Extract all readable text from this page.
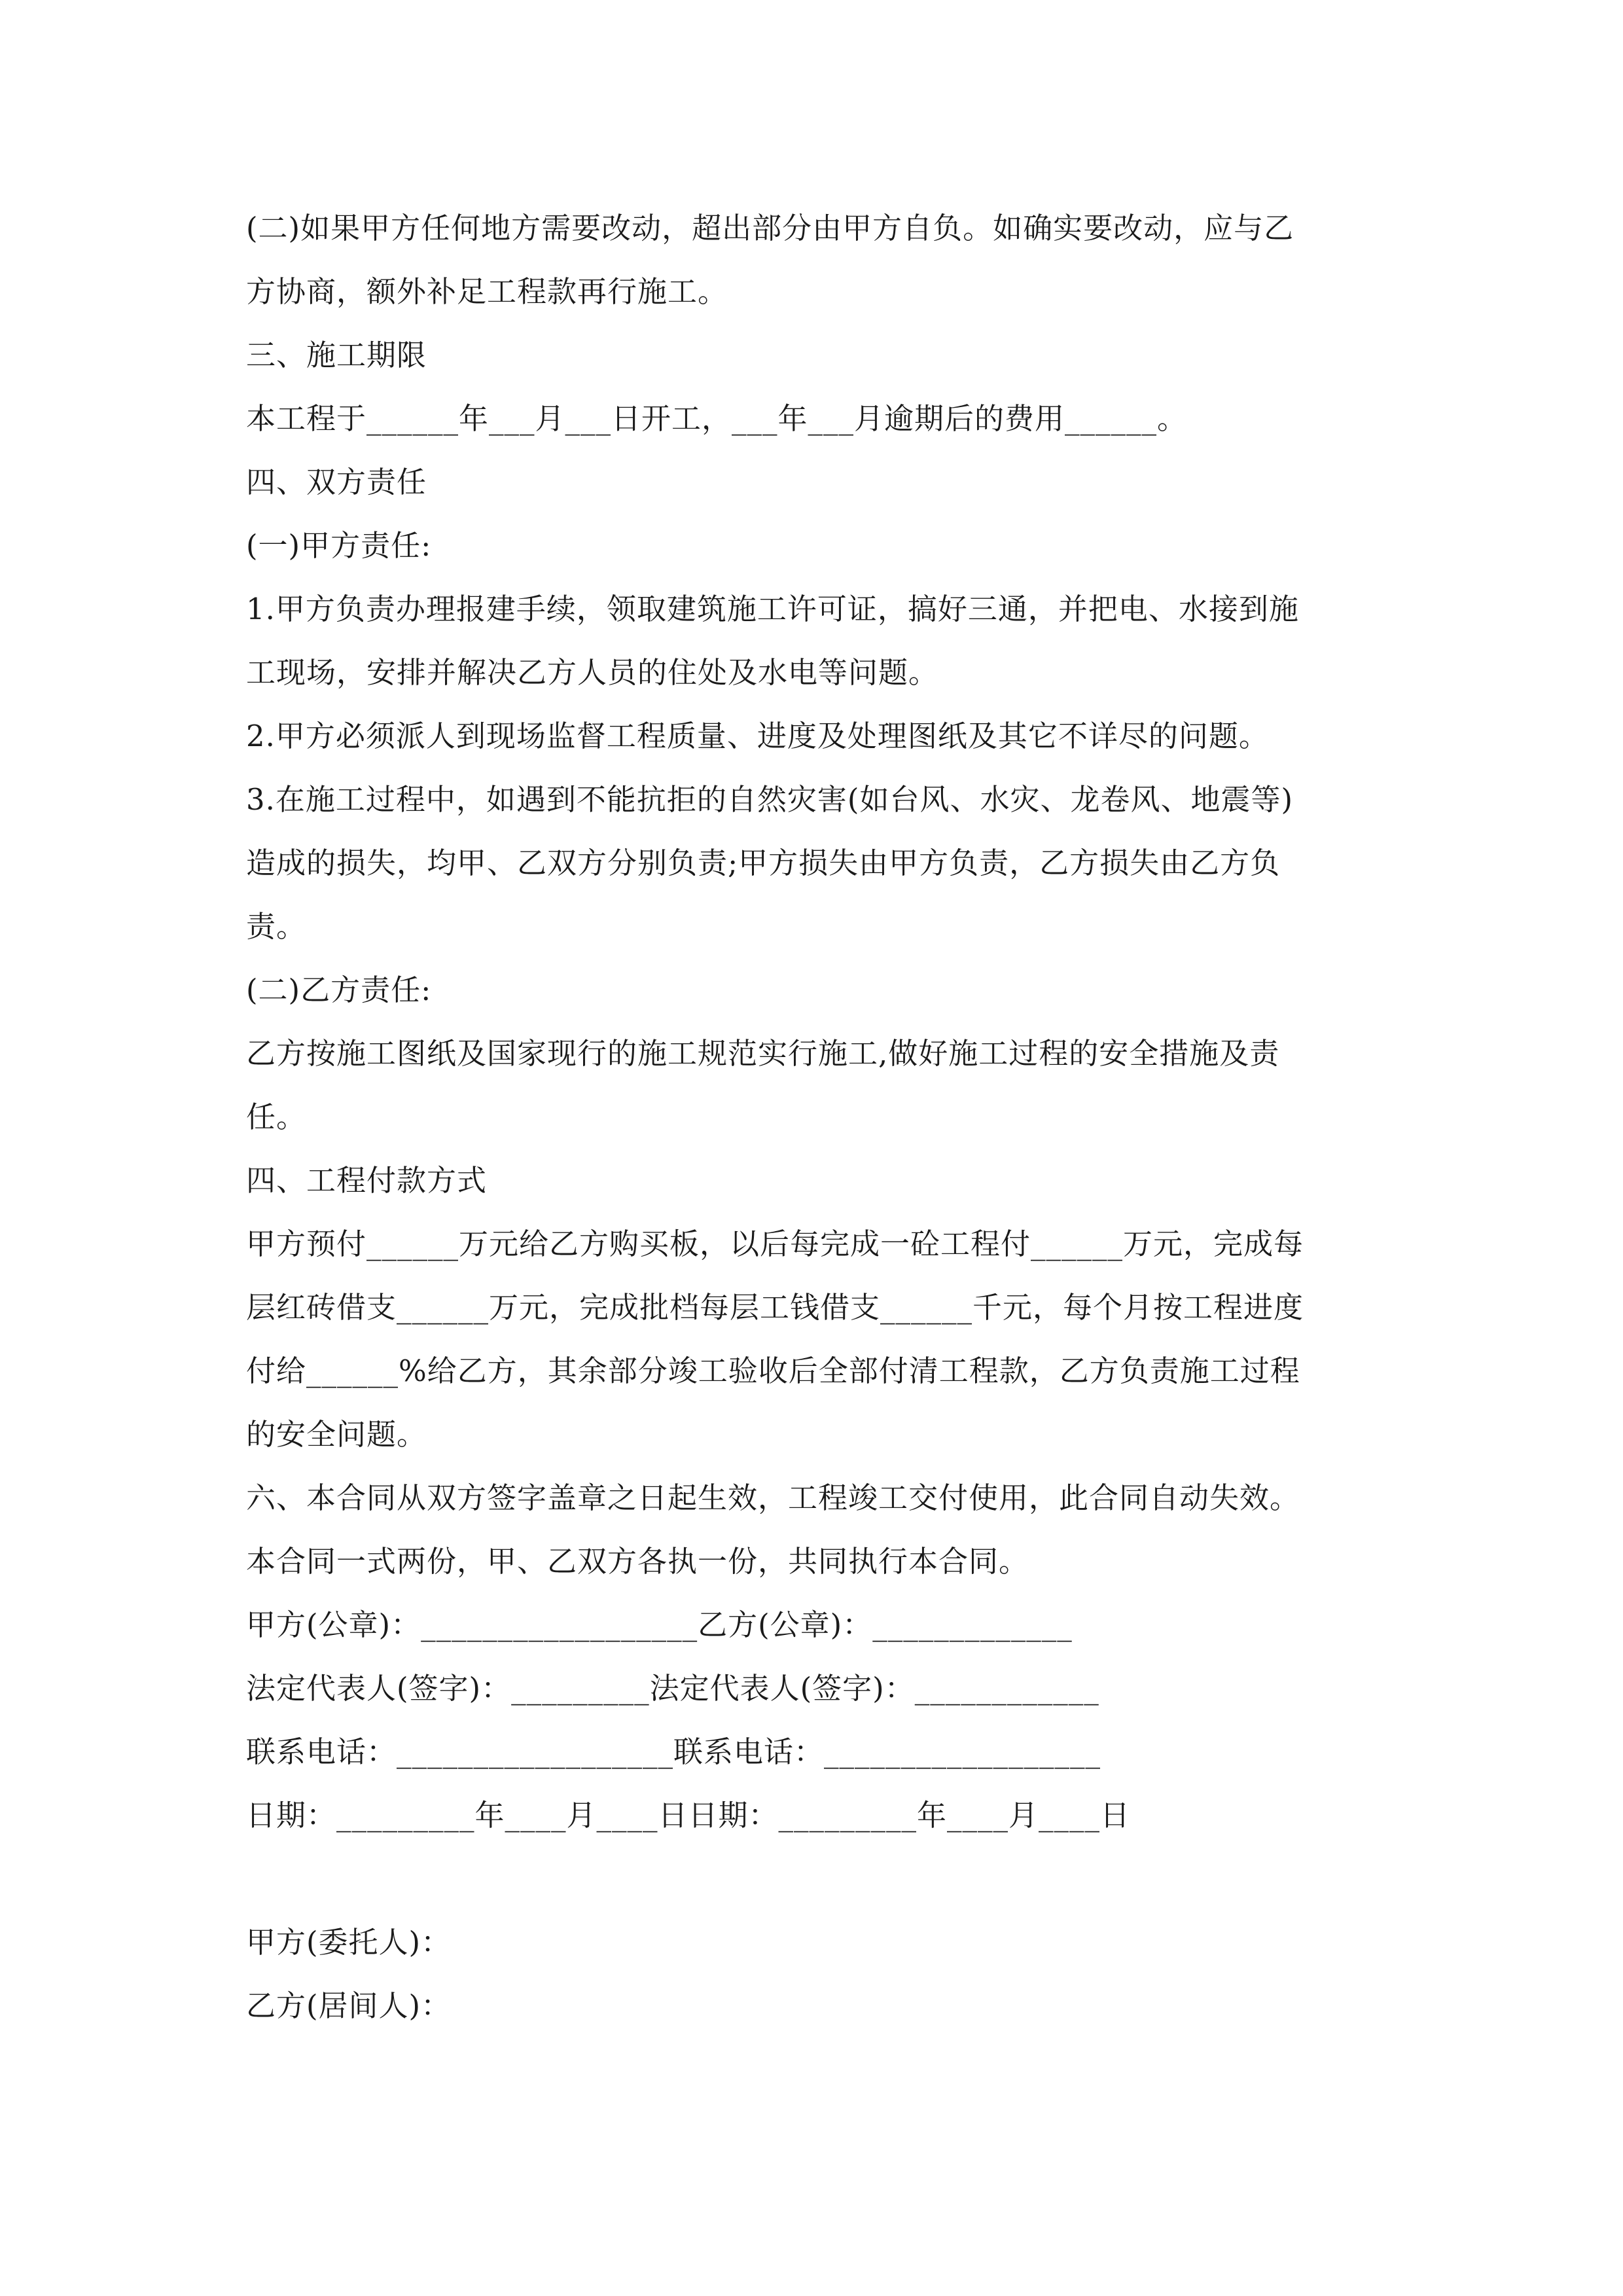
(二)如果甲方任何地方需要改动，超出部分由甲方自负。如确实要改动，应与乙
方协商，额外补足工程款再行施工。
三、施工期限
本工程于______年___月___日开工，___年___月逾期后的费用______。
四、双方责任
(一)甲方责任:
1.甲方负责办理报建手续，领取建筑施工许可证，搞好三通，并把电、水接到施
工现场，安排并解决乙方人员的住处及水电等问题。
2.甲方必须派人到现场监督工程质量、进度及处理图纸及其它不详尽的问题。
3.在施工过程中，如遇到不能抗拒的自然灾害(如台风、水灾、龙卷风、地震等)
造成的损失，均甲、乙双方分别负责;甲方损失由甲方负责，乙方损失由乙方负
责。
(二)乙方责任:
乙方按施工图纸及国家现行的施工规范实行施工,做好施工过程的安全措施及责
任。
四、工程付款方式
甲方预付______万元给乙方购买板，以后每完成一砼工程付______万元，完成每
层红砖借支______万元，完成批档每层工钱借支______千元，每个月按工程进度
付给______%给乙方，其余部分竣工验收后全部付清工程款，乙方负责施工过程
的安全问题。
六、本合同从双方签字盖章之日起生效，工程竣工交付使用，此合同自动失效。
本合同一式两份，甲、乙双方各执一份，共同执行本合同。
甲方(公章)：__________________乙方(公章)：_____________
法定代表人(签字)：_________法定代表人(签字)：____________
联系电话：__________________联系电话：__________________
日期：_________年____月____日日期：_________年____月____日
甲方(委托人)：
乙方(居间人)：
